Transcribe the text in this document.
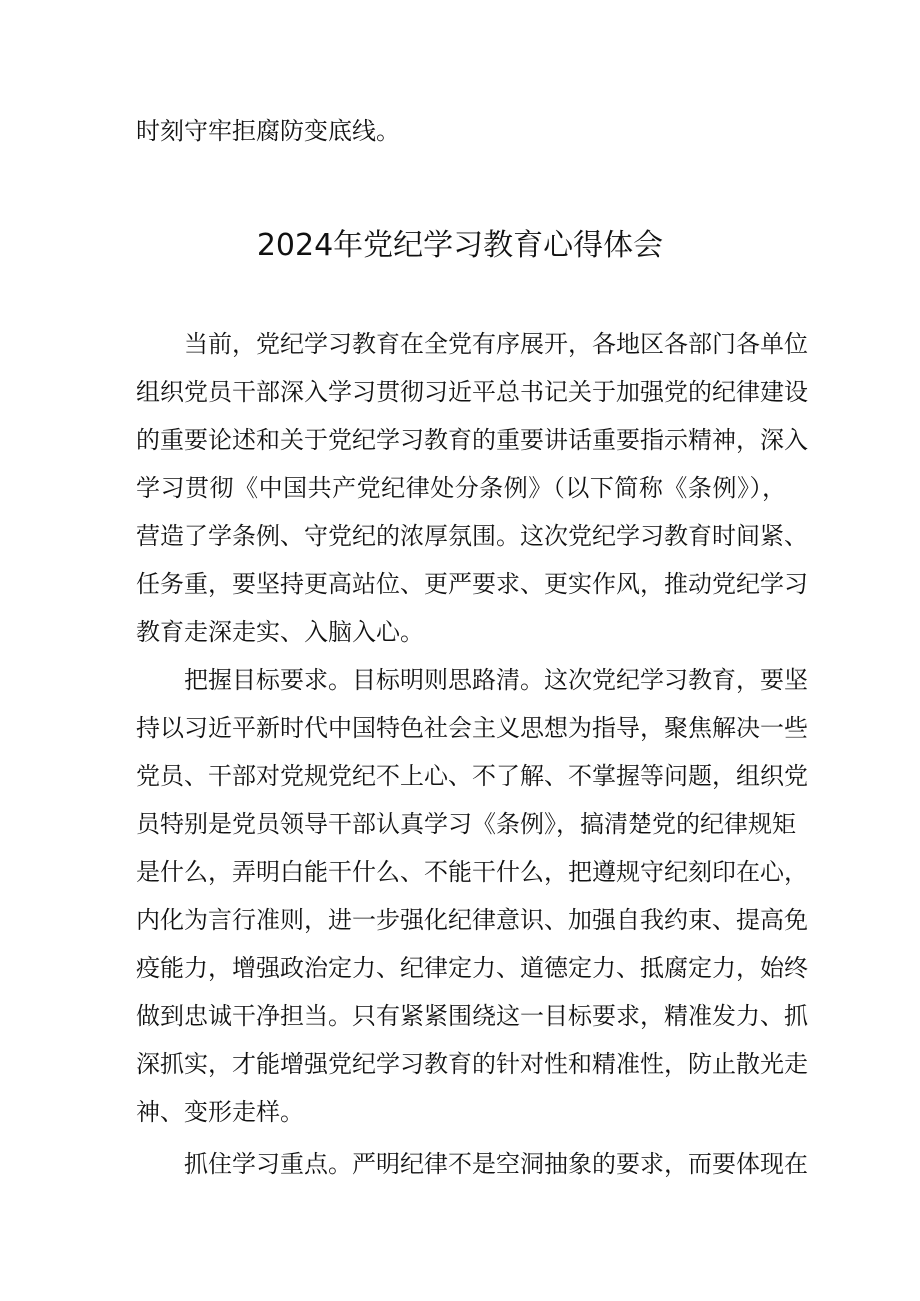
时刻守牢拒腐防变底线。
2024年党纪学习教育心得体会
　　当前，党纪学习教育在全党有序展开，各地区各部门各单位
组织党员干部深入学习贯彻习近平总书记关于加强党的纪律建设
的重要论述和关于党纪学习教育的重要讲话重要指示精神，深入
学习贯彻《中国共产党纪律处分条例》（以下简称《条例》），
营造了学条例、守党纪的浓厚氛围。这次党纪学习教育时间紧、
任务重，要坚持更高站位、更严要求、更实作风，推动党纪学习
教育走深走实、入脑入心。
　　把握目标要求。目标明则思路清。这次党纪学习教育，要坚
持以习近平新时代中国特色社会主义思想为指导，聚焦解决一些
党员、干部对党规党纪不上心、不了解、不掌握等问题，组织党
员特别是党员领导干部认真学习《条例》，搞清楚党的纪律规矩
是什么，弄明白能干什么、不能干什么，把遵规守纪刻印在心，
内化为言行准则，进一步强化纪律意识、加强自我约束、提高免
疫能力，增强政治定力、纪律定力、道德定力、抵腐定力，始终
做到忠诚干净担当。只有紧紧围绕这一目标要求，精准发力、抓
深抓实，才能增强党纪学习教育的针对性和精准性，防止散光走
神、变形走样。
　　抓住学习重点。严明纪律不是空洞抽象的要求，而要体现在
